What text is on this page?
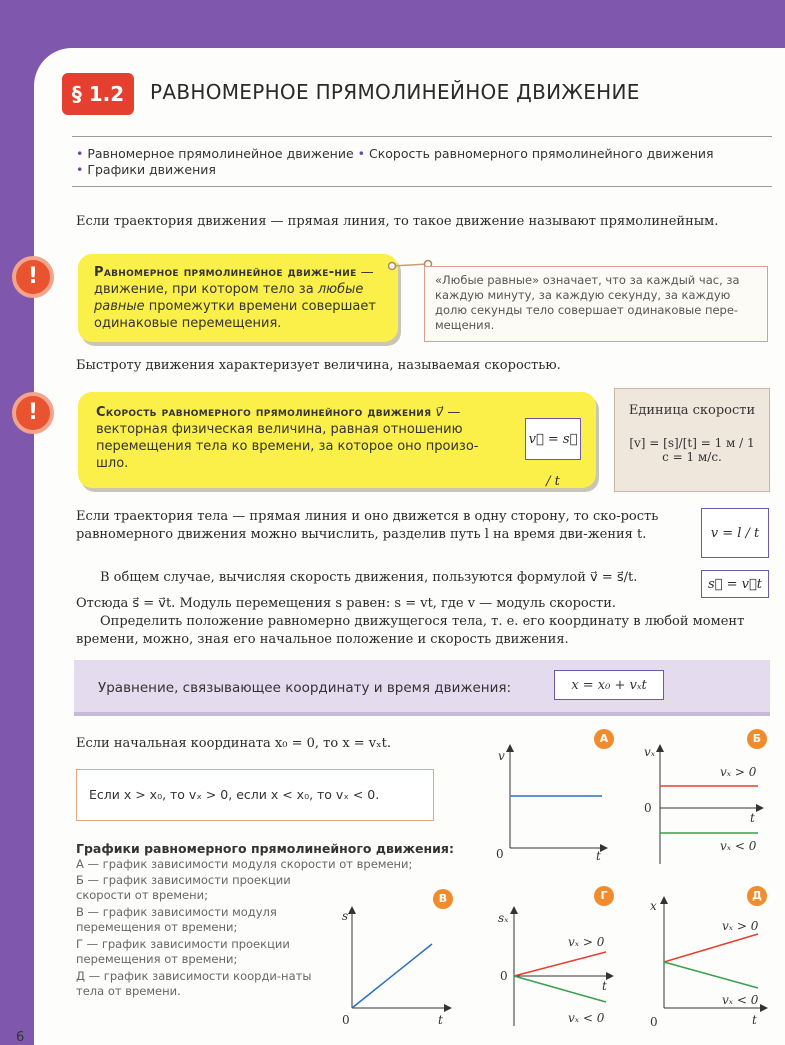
§ 1.2	РАВНОМЕРНОЕ ПРЯМОЛИНЕЙНОЕ ДВИЖЕНИЕ
• Равномерное прямолинейное движение • Скорость равномерного прямолинейного движения
• Графики движения
Если траектория движения — прямая линия, то такое движение называют прямолинейным.
!	Равномерное прямолинейное движе-ние — движение, при котором тело за любые равные промежутки времени совершает одинаковые перемещения.
«Любые равные» означает, что за каждый час, за каждую минуту, за каждую секунду, за каждую долю секунды тело совершает одинаковые пере-мещения.
Быстроту движения характеризует величина, называемая скоростью.
!	Скорость равномерного прямолинейного движения v⃗ — векторная физическая величина, равная отношению перемещения тела ко времени, за которое оно произо-шло.
v⃗ = s⃗ / t
Единица скорости
[v] = [s]/[t] = 1 м / 1 с = 1 м/с.
Если траектория тела — прямая линия и оно движется в одну сторону, то ско-рость равномерного движения можно вычислить, разделив путь l на время дви-жения t.	v = l / t
В общем случае, вычисляя скорость движения, пользуются формулой v⃗ = s⃗/t.	s⃗ = v⃗t
Отсюда s⃗ = v⃗t. Модуль перемещения s равен: s = vt, где v — модуль скорости.
Определить положение равномерно движущегося тела, т. е. его координату в любой момент времени, можно, зная его начальное положение и скорость движения.
Уравнение, связывающее координату и время движения:	x = x₀ + vₓt
Если начальная координата x₀ = 0, то x = vₓt.
Если x > x₀, то vₓ > 0, если x < x₀, то vₓ < 0.
Графики равномерного прямолинейного движения:
А — график зависимости модуля скорости от времени;
Б — график зависимости проекции скорости от времени;
В — график зависимости модуля перемещения от времени;
Г — график зависимости проекции перемещения от времени;
Д — график зависимости коорди-наты тела от времени.
А	Б
В	Г	Д
v
0	t
vₓ
0
t
vₓ > 0
vₓ < 0
s
0	t
sₓ
0
t
vₓ > 0
vₓ < 0
x
0	t
vₓ > 0
vₓ < 0
6
